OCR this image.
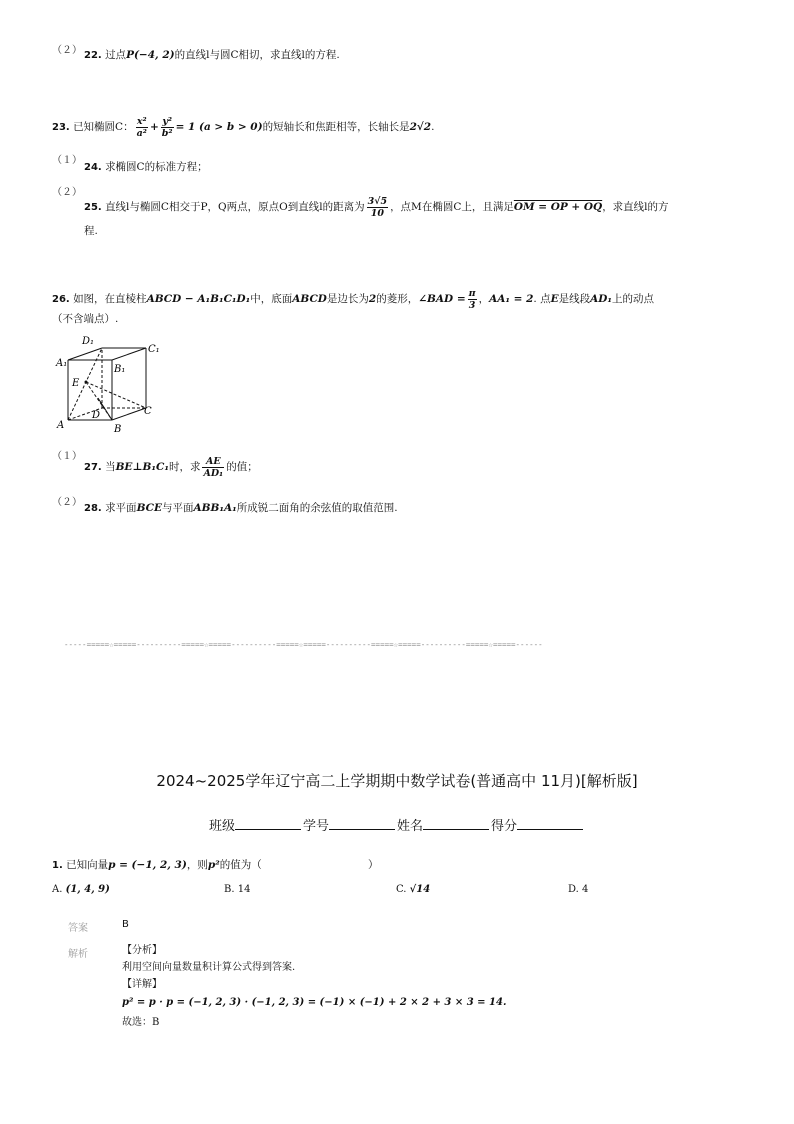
（２） 22. 过点P(−4, 2)的直线l与圆C相切，求直线l的方程.
23. 已知椭圆C： $\frac{\text{x²}}{\text{a²}} + \frac{\text{y²}}{\text{b²}} = 1$ (a > b > 0)的短轴长和焦距相等，长轴长是2√2.
（１）
24. 求椭圆C的标准方程；
（２）
25. 直线l与椭圆C相交于P，Q两点，原点O到直线l的距离为 $\frac{3√5}{10}$ ，点M在椭圆C上，且满足OM = OP + OQ，求直线l的方
程.
26. 如图，在直棱柱ABCD − A₁B₁C₁D₁中，底面ABCD是边长为2的菱形，∠BAD = $\frac{\pi}{3}$ ，AA₁ = 2. 点E是线段AD₁上的动点
（不含端点）.
D₁
C₁
A₁
B₁
E
D	C
A	B
（１）
27. 当BE⊥B₁C₁时，求 $\frac{AE}{\text{AD₁}}$ 的值；
（２）
28. 求平面BCE与平面ABB₁A₁所成锐二面角的余弦值的取值范围.
-----=====☆=====----------=====☆=====----------=====☆=====----------=====☆=====----------=====☆=====------
2024~2025学年辽宁高二上学期期中数学试卷(普通高中 11月)[解析版]
班级	学号	姓名	得分
1. 已知向量p = (−1, 2, 3)，则p²的值为（	）
A. (1, 4, 9)	B. 14	C. √14	D. 4
答案	B
解析	【分析】
利用空间向量数量积计算公式得到答案.
【详解】
p² = p · p = (−1, 2, 3) · (−1, 2, 3) = (−1) × (−1) + 2 × 2 + 3 × 3 = 14.
故选：B
